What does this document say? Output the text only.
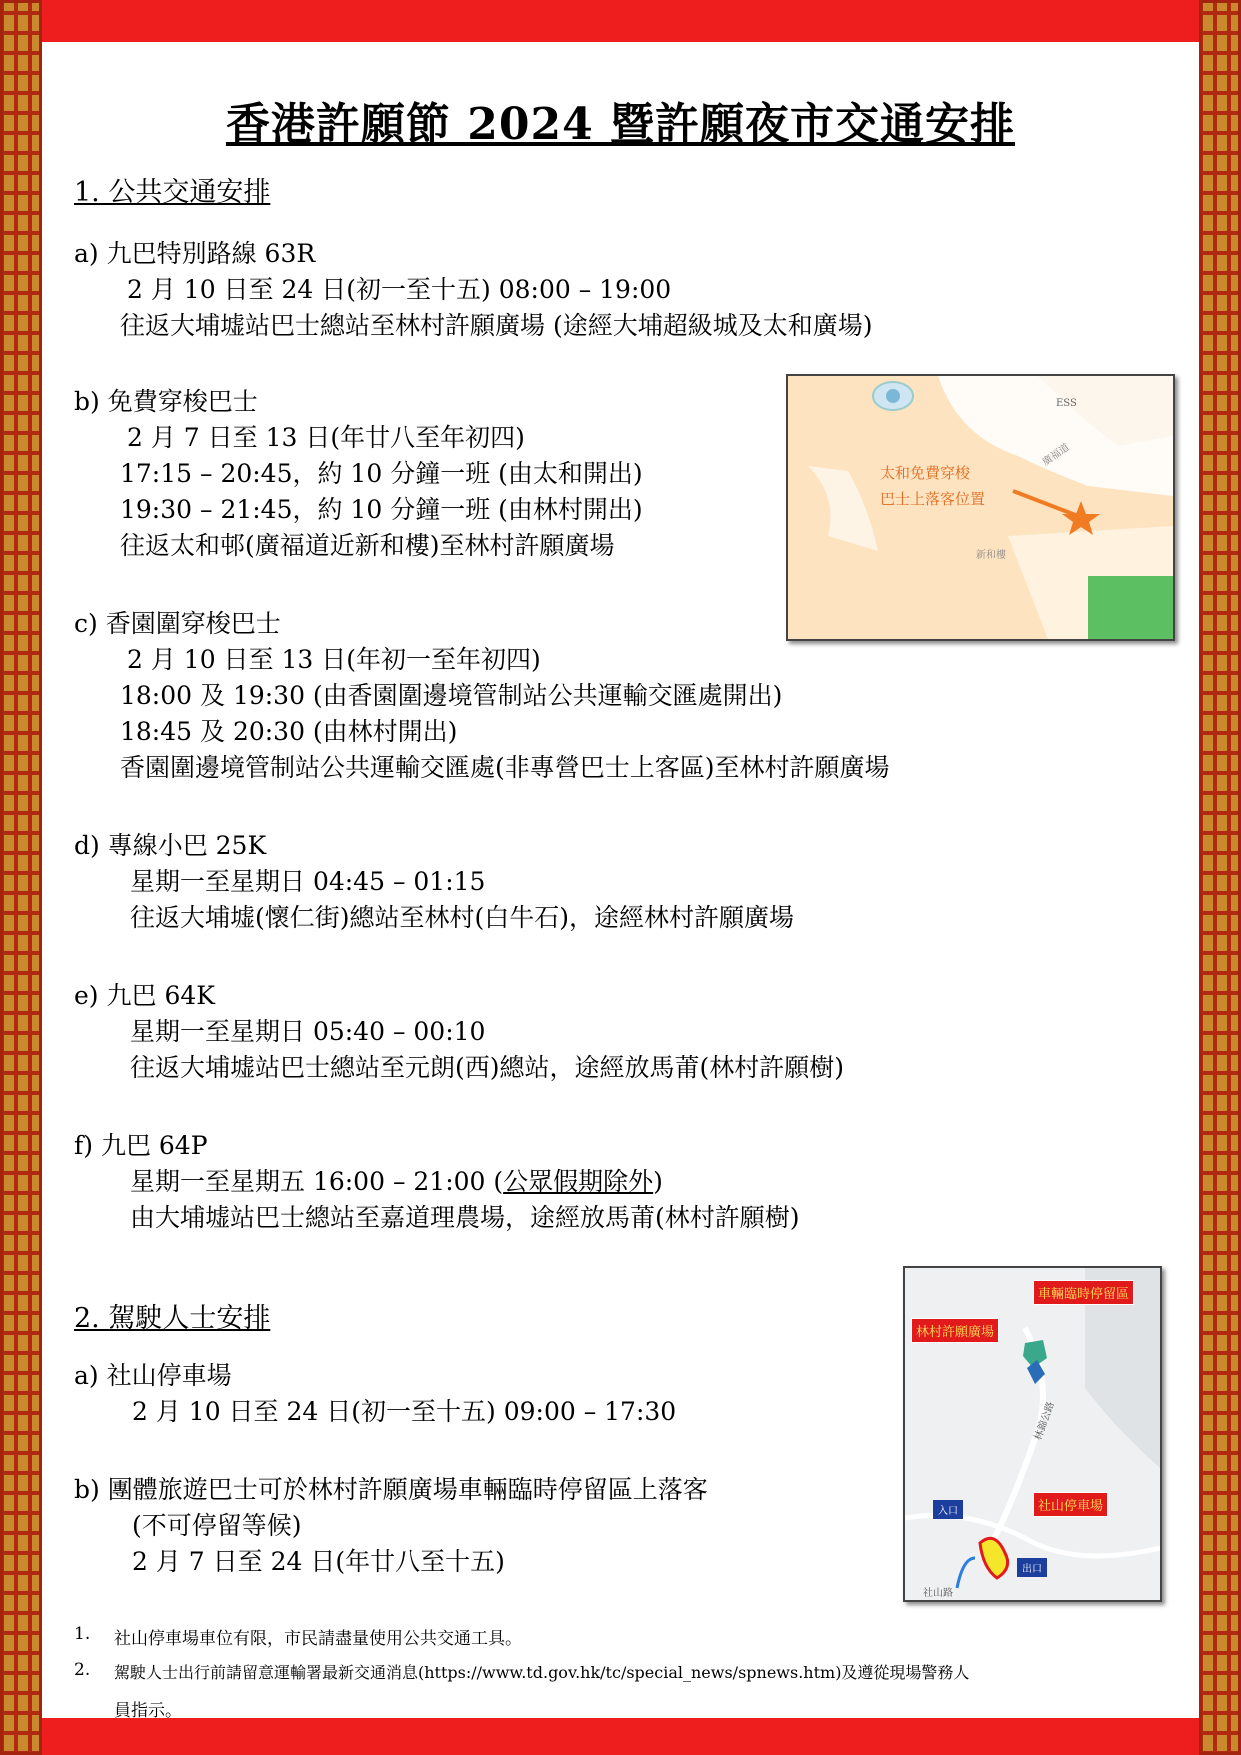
香港許願節 2024 暨許願夜市交通安排
1. 公共交通安排
a) 九巴特別路線 63R
2 月 10 日至 24 日(初一至十五) 08:00 – 19:00
往返大埔墟站巴士總站至林村許願廣場 (途經大埔超級城及太和廣場)
b) 免費穿梭巴士
2 月 7 日至 13 日(年廿八至年初四)
17:15 – 20:45，約 10 分鐘一班 (由太和開出)
19:30 – 21:45，約 10 分鐘一班 (由林村開出)
往返太和邨(廣福道近新和樓)至林村許願廣場
c) 香園圍穿梭巴士
2 月 10 日至 13 日(年初一至年初四)
18:00 及 19:30 (由香園圍邊境管制站公共運輸交匯處開出)
18:45 及 20:30 (由林村開出)
香園圍邊境管制站公共運輸交匯處(非專營巴士上客區)至林村許願廣場
d) 專線小巴 25K
星期一至星期日 04:45 – 01:15
往返大埔墟(懷仁街)總站至林村(白牛石)，途經林村許願廣場
e) 九巴 64K
星期一至星期日 05:40 – 00:10
往返大埔墟站巴士總站至元朗(西)總站，途經放馬莆(林村許願樹)
f) 九巴 64P
星期一至星期五 16:00 – 21:00 (公眾假期除外)
由大埔墟站巴士總站至嘉道理農場，途經放馬莆(林村許願樹)
2. 駕駛人士安排
a) 社山停車場
2 月 10 日至 24 日(初一至十五) 09:00 – 17:30
b) 團體旅遊巴士可於林村許願廣場車輛臨時停留區上落客
(不可停留等候)
2 月 7 日至 24 日(年廿八至十五)
太和免費穿梭
巴士上落客位置
ESS
廣福道
新和樓
車輛臨時停留區
林村許願廣場
社山停車場
入口
出口
林錦公路
社山路
1. 社山停車場車位有限，市民請盡量使用公共交通工具。
2. 駕駛人士出行前請留意運輸署最新交通消息(https://www.td.gov.hk/tc/special_news/spnews.htm)及遵從現場警務人
員指示。
